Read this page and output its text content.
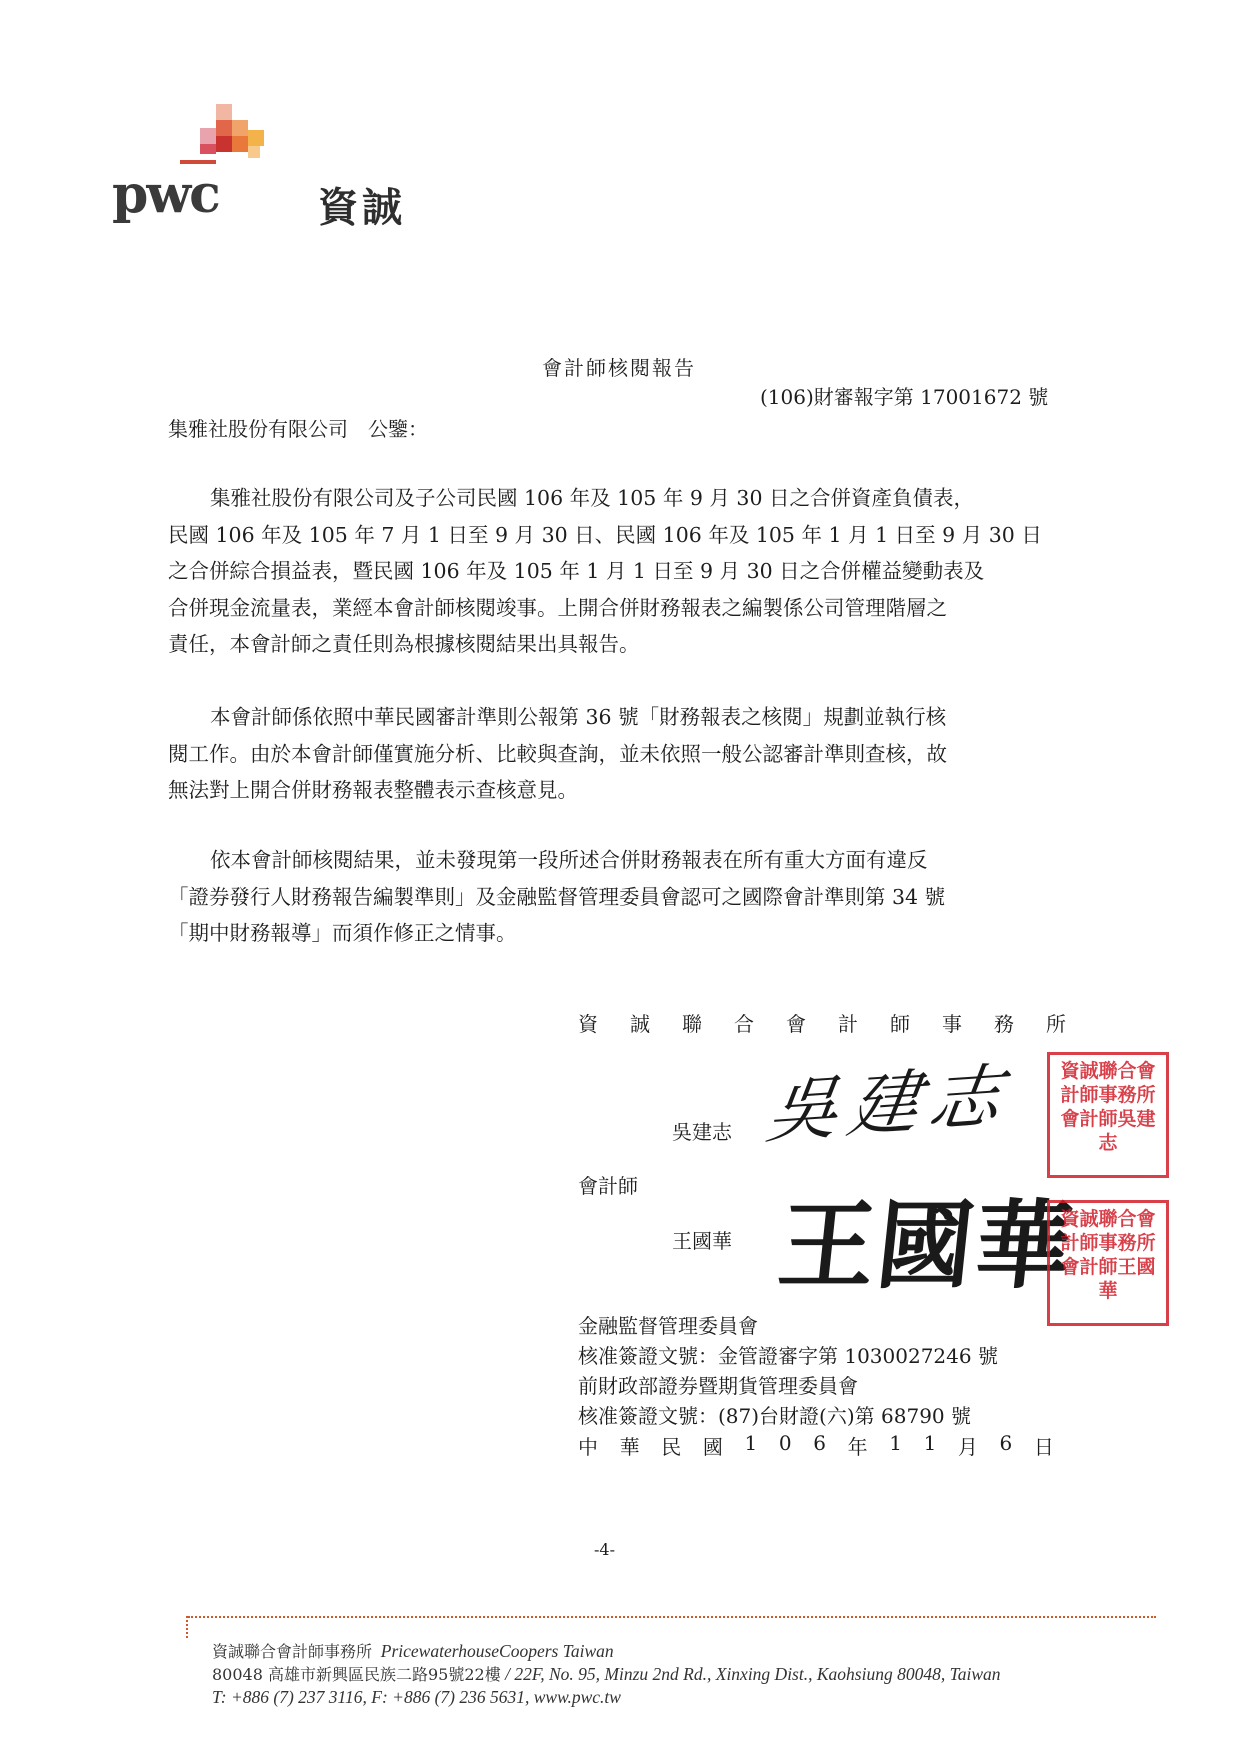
pwc 資誠
會計師核閱報告
(106)財審報字第 17001672 號
集雅社股份有限公司　公鑒：

集雅社股份有限公司及子公司民國 106 年及 105 年 9 月 30 日之合併資產負債表，

民國 106 年及 105 年 7 月 1 日至 9 月 30 日、民國 106 年及 105 年 1 月 1 日至 9 月 30 日

之合併綜合損益表，暨民國 106 年及 105 年 1 月 1 日至 9 月 30 日之合併權益變動表及

合併現金流量表，業經本會計師核閱竣事。上開合併財務報表之編製係公司管理階層之

責任，本會計師之責任則為根據核閱結果出具報告。

本會計師係依照中華民國審計準則公報第 36 號「財務報表之核閱」規劃並執行核

閱工作。由於本會計師僅實施分析、比較與查詢，並未依照一般公認審計準則查核，故

無法對上開合併財務報表整體表示查核意見。

依本會計師核閱結果，並未發現第一段所述合併財務報表在所有重大方面有違反

「證券發行人財務報告編製準則」及金融監督管理委員會認可之國際會計準則第 34 號

「期中財務報導」而須作修正之情事。

資 誠 聯 合 會 計 師 事 務 所
吳建志
會計師
王國華
吳建志
王國華
資誠聯合會計師事務所 會計師吳建志
資誠聯合會計師事務所 會計師王國華
金融監督管理委員會
核准簽證文號：金管證審字第 1030027246 號
前財政部證券暨期貨管理委員會
核准簽證文號：(87)台財證(六)第 68790 號
中 華 民 國 1 0 6 年 1 1 月 6 日
-4-
資誠聯合會計師事務所 PricewaterhouseCoopers Taiwan
80048 高雄市新興區民族二路95號22樓 / 22F, No. 95, Minzu 2nd Rd., Xinxing Dist., Kaohsiung 80048, Taiwan
T: +886 (7) 237 3116, F: +886 (7) 236 5631, www.pwc.tw
